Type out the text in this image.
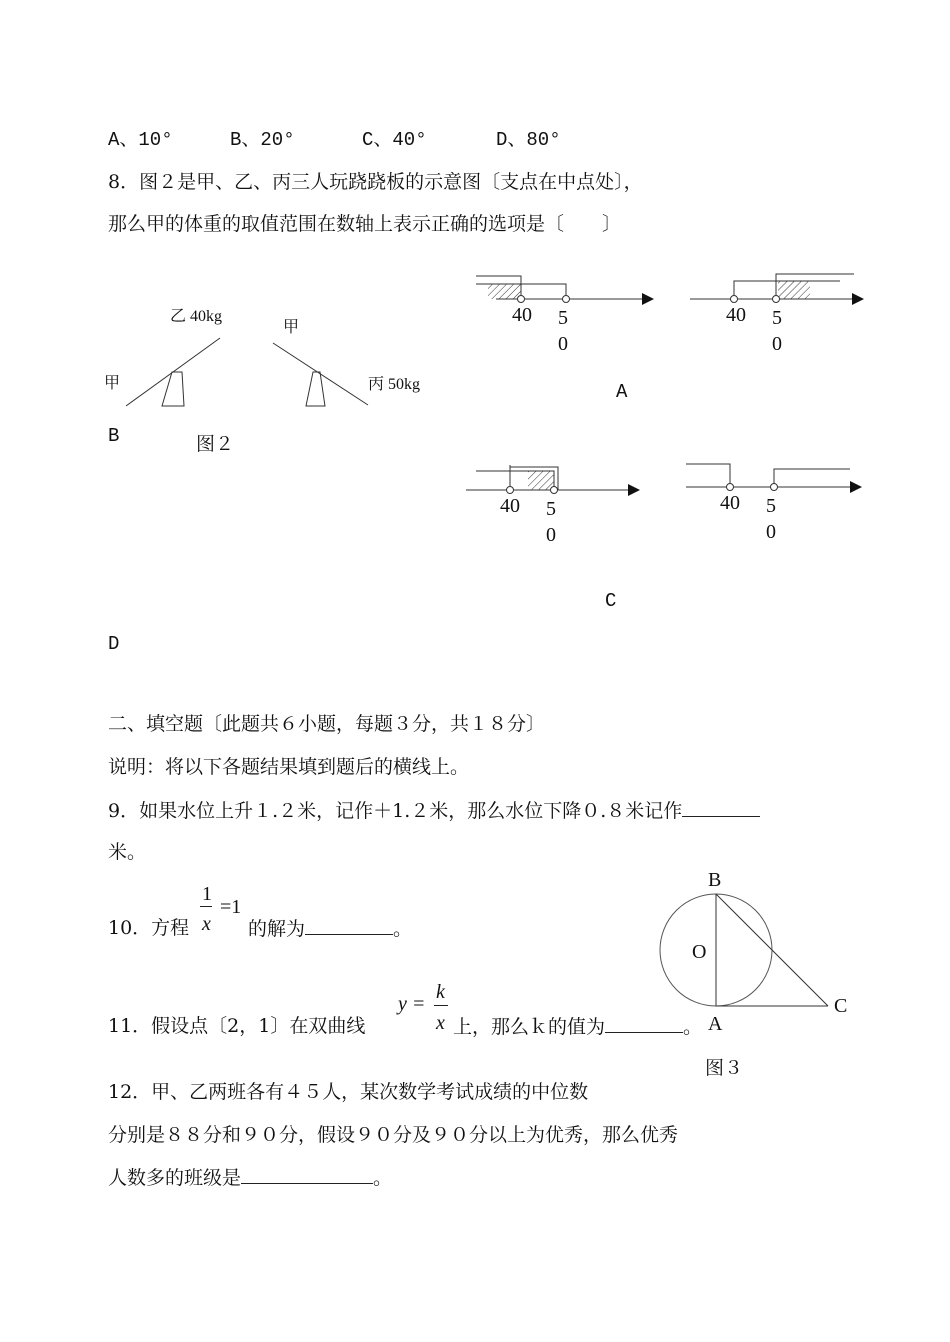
A、10°	B、20°	C、40°	D、80°
8．图２是甲、乙、丙三人玩跷跷板的示意图〔支点在中点处〕，
那么甲的体重的取值范围在数轴上表示正确的选项是〔　　〕
甲
乙 40kg
甲
丙 50kg
图２
B
A
C
D
40 5
0
40 5
0
40 5
0
40 5
0
二、填空题〔此题共６小题，每题３分，共１８分〕
说明：将以下各题结果填到题后的横线上。
9．如果水位上升１.２米，记作＋1.２米，那么水位下降０.８米记作
米。
10．方程
1
x
=1
的解为	。
11．假设点〔2，1〕在双曲线
y =
k
x 上，那么ｋ的值为	。
B
O
A
C
图３
12．甲、乙两班各有４５人，某次数学考试成绩的中位数
分别是８８分和９０分，假设９０分及９０分以上为优秀，那么优秀
人数多的班级是	。
